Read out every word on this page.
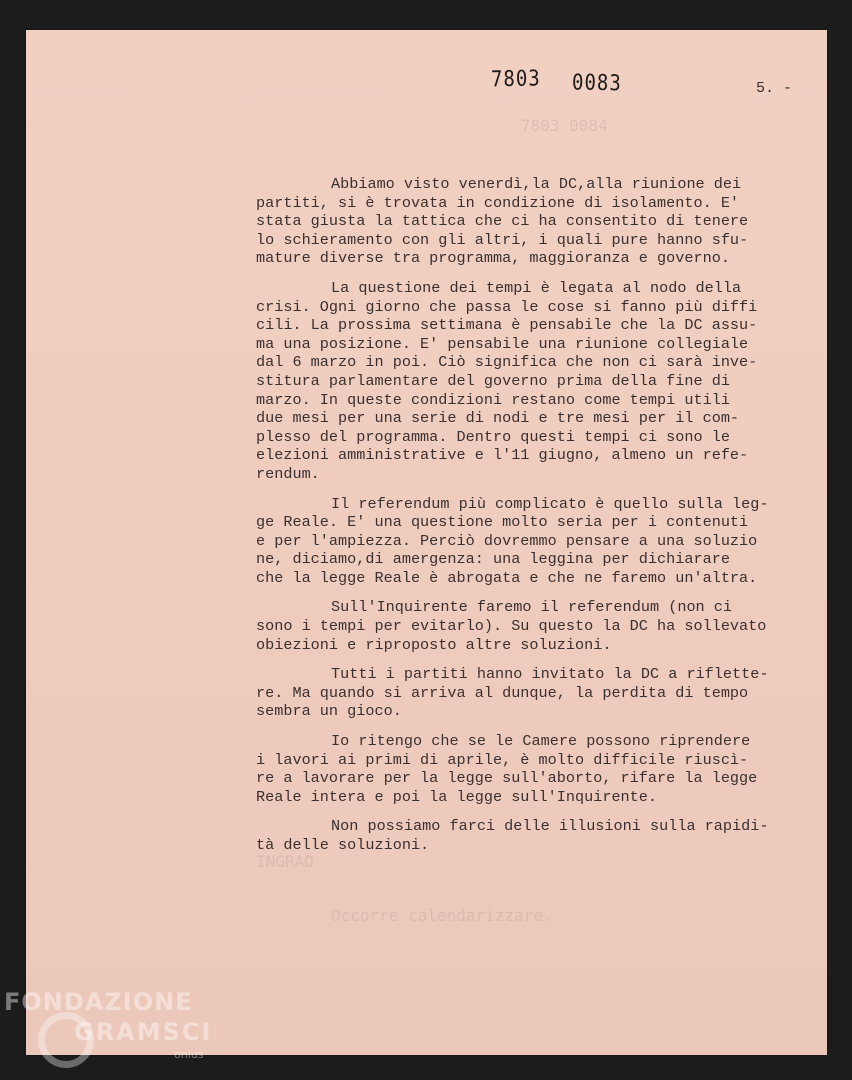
7803 0084
INGRAO
Occorre calendarizzare.
7803 0083	5. -
Abbiamo visto venerdì,la DC,alla riunione dei
partiti, si è trovata in condizione di isolamento. E'
stata giusta la tattica che ci ha consentito di tenere
lo schieramento con gli altri, i quali pure hanno sfu-
mature diverse tra programma, maggioranza e governo.
La questione dei tempi è legata al nodo della
crisi. Ogni giorno che passa le cose si fanno più diffi
cili. La prossima settimana è pensabile che la DC assu-
ma una posizione. E' pensabile una riunione collegiale
dal 6 marzo in poi. Ciò significa che non ci sarà inve-
stitura parlamentare del governo prima della fine di
marzo. In queste condizioni restano come tempi utili
due mesi per una serie di nodi e tre mesi per il com-
plesso del programma. Dentro questi tempi ci sono le
elezioni amministrative e l'11 giugno, almeno un refe-
rendum.
Il referendum più complicato è quello sulla leg-
ge Reale. E' una questione molto seria per i contenuti
e per l'ampiezza. Perciò dovremmo pensare a una soluzio
ne, diciamo,di amergenza: una leggina per dichiarare
che la legge Reale è abrogata e che ne faremo un'altra.
Sull'Inquirente faremo il referendum (non ci
sono i tempi per evitarlo). Su questo la DC ha sollevato
obiezioni e riproposto altre soluzioni.
Tutti i partiti hanno invitato la DC a riflette-
re. Ma quando si arriva al dunque, la perdita di tempo
sembra un gioco.
Io ritengo che se le Camere possono riprendere
i lavori ai primi di aprile, è molto difficile riuscì-
re a lavorare per la legge sull'aborto, rifare la legge
Reale intera e poi la legge sull'Inquirente.
Non possiamo farci delle illusioni sulla rapidi-
tà delle soluzioni.
FONDAZIONE
GRAMSCI
onlus
